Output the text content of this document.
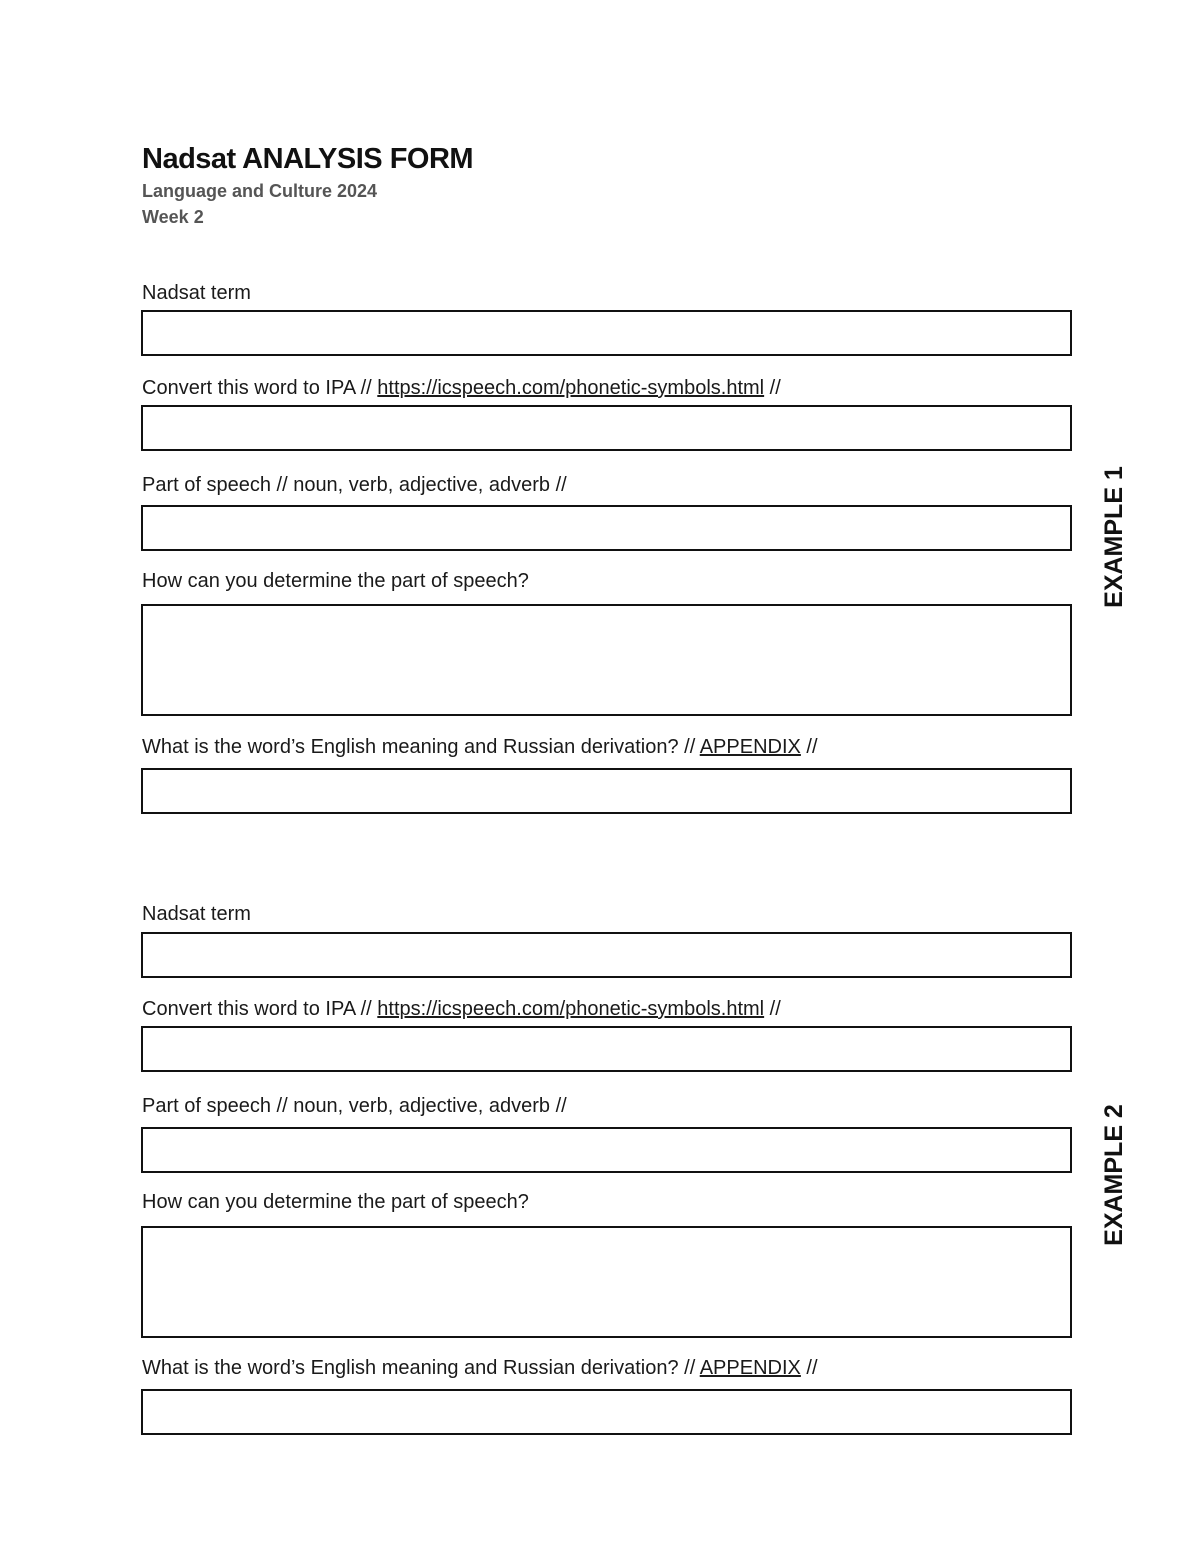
Nadsat ANALYSIS FORM
Language and Culture 2024
Week 2
Nadsat term
Convert this word to IPA // https://icspeech.com/phonetic-symbols.html //
Part of speech // noun, verb, adjective, adverb //
How can you determine the part of speech?
What is the word’s English meaning and Russian derivation? // APPENDIX //
EXAMPLE 1
Nadsat term
Convert this word to IPA // https://icspeech.com/phonetic-symbols.html //
Part of speech // noun, verb, adjective, adverb //
How can you determine the part of speech?
What is the word’s English meaning and Russian derivation? // APPENDIX //
EXAMPLE 2
